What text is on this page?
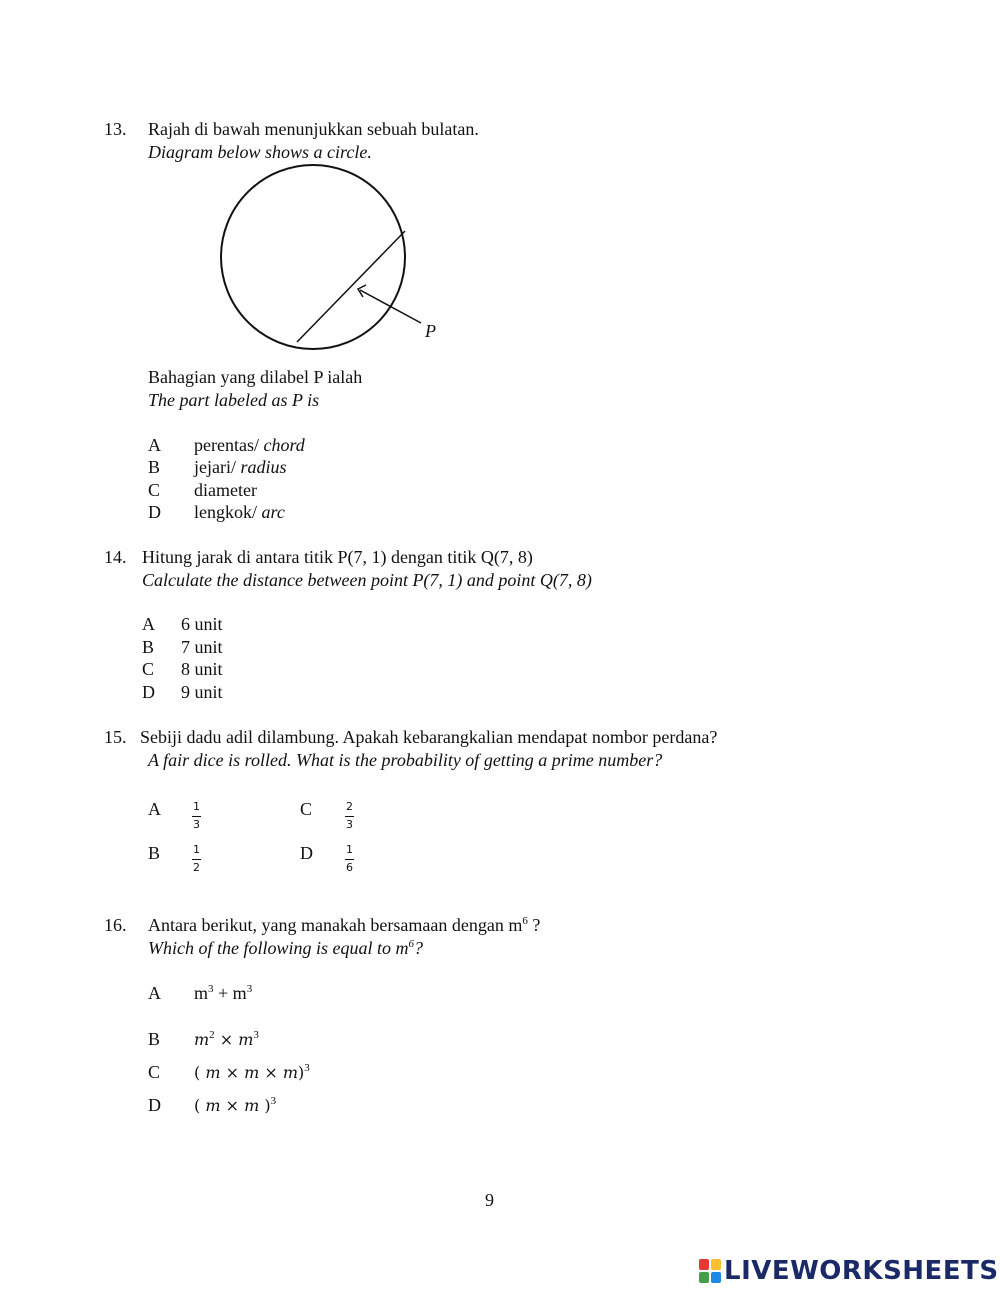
13. Rajah di bawah menunjukkan sebuah bulatan.
Diagram below shows a circle.
P
Bahagian yang dilabel P ialah
The part labeled as P is
A perentas/ chord
B jejari/ radius
C diameter
D lengkok/ arc
14. Hitung jarak di antara titik P(7, 1) dengan titik Q(7, 8)
Calculate the distance between point P(7, 1) and point Q(7, 8)
A 6 unit
B 7 unit
C 8 unit
D 9 unit
15. Sebiji dadu adil dilambung. Apakah kebarangkalian mendapat nombor perdana?
A fair dice is rolled. What is the probability of getting a prime number?
A	$\frac{1}{3}$	C	$\frac{2}{3}$
B	$\frac{1}{2}$	D	$\frac{1}{6}$
16. Antara berikut, yang manakah bersamaan dengan $m^6$ ?
Which of the following is equal to $m^6$?
A $m^3 + m^3$
B $m^2 \times m^3$
C ( m × m × m)$^3$
D ( m × m )$^3$
9
LIVEWORKSHEETS
